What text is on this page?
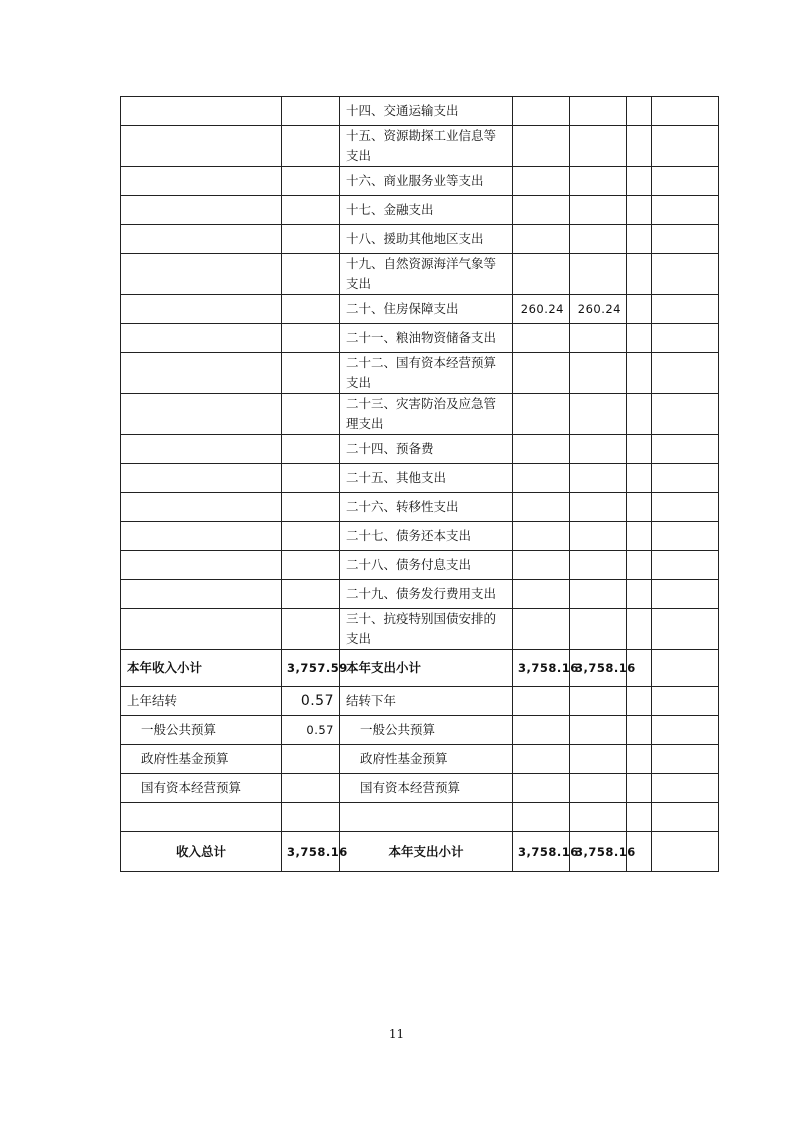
		十四、交通运输支出				
		十五、资源勘探工业信息等支出				
		十六、商业服务业等支出				
		十七、金融支出				
		十八、援助其他地区支出				
		十九、自然资源海洋气象等支出				
		二十、住房保障支出	260.24	260.24		
		二十一、粮油物资储备支出				
		二十二、国有资本经营预算支出				
		二十三、灾害防治及应急管理支出				
		二十四、预备费				
		二十五、其他支出				
		二十六、转移性支出				
		二十七、债务还本支出				
		二十八、债务付息支出				
		二十九、债务发行费用支出				
		三十、抗疫特别国债安排的支出				
本年收入小计	3,757.59	本年支出小计	3,758.16	3,758.16		
上年结转	0.57	结转下年				
一般公共预算	0.57	一般公共预算				
政府性基金预算		政府性基金预算				
国有资本经营预算		国有资本经营预算				

收入总计	3,758.16	本年支出小计	3,758.16	3,758.16		
11
